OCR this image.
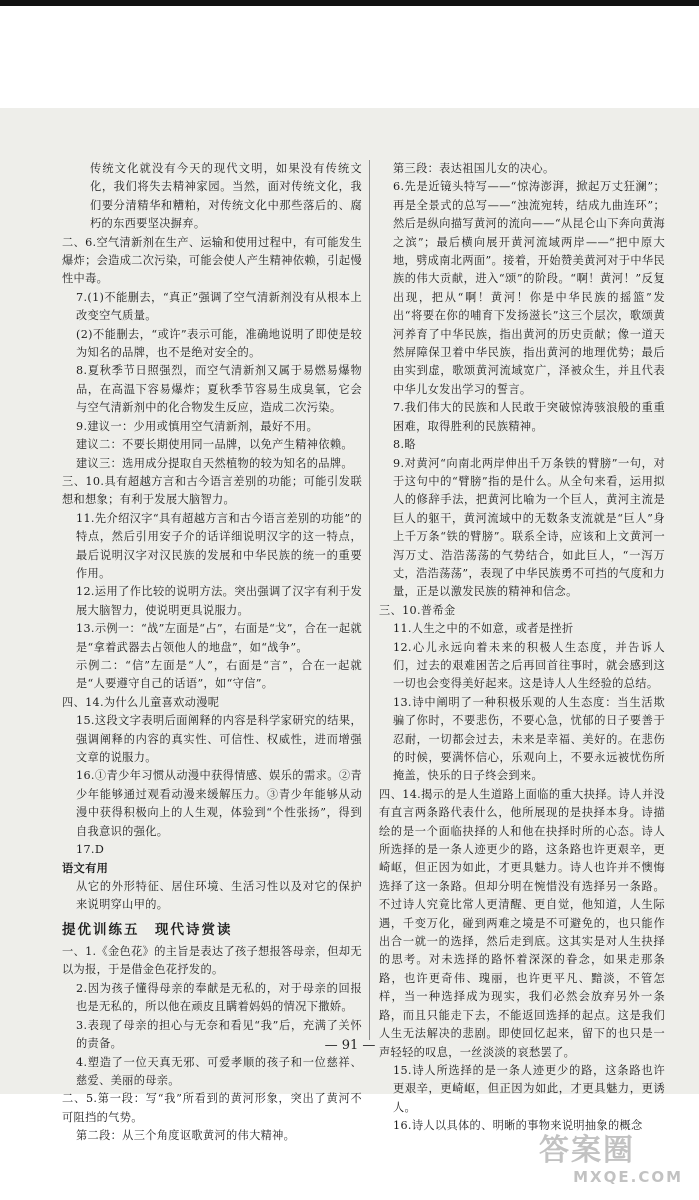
传统文化就没有今天的现代文明，如果没有传统文化，我们将失去精神家园。当然，面对传统文化，我们要分清精华和糟粕，对传统文化中那些落后的、腐朽的东西要坚决摒弃。

二、6.空气清新剂在生产、运输和使用过程中，有可能发生爆炸；会造成二次污染，可能会使人产生精神依赖，引起慢性中毒。

7.(1)不能删去，“真正”强调了空气清新剂没有从根本上改变空气质量。

(2)不能删去，“或许”表示可能，准确地说明了即使是较为知名的品牌，也不是绝对安全的。

8.夏秋季节日照强烈，而空气清新剂又属于易燃易爆物品，在高温下容易爆炸；夏秋季节容易生成臭氧，它会与空气清新剂中的化合物发生反应，造成二次污染。

9.建议一：少用或慎用空气清新剂，最好不用。

建议二：不要长期使用同一品牌，以免产生精神依赖。

建议三：选用成分提取自天然植物的较为知名的品牌。

三、10.具有超越方言和古今语言差别的功能；可能引发联想和想象；有利于发展大脑智力。

11.先介绍汉字“具有超越方言和古今语言差别的功能”的特点，然后引用安子介的话详细说明汉字的这一特点，最后说明汉字对汉民族的发展和中华民族的统一的重要作用。

12.运用了作比较的说明方法。突出强调了汉字有利于发展大脑智力，使说明更具说服力。

13.示例一：“战”左面是“占”，右面是“戈”，合在一起就是“拿着武器去占领他人的地盘”，如“战争”。

示例二：“信”左面是“人”，右面是“言”，合在一起就是“人要遵守自己的话语”，如“守信”。

四、14.为什么儿童喜欢动漫呢

15.这段文字表明后面阐释的内容是科学家研究的结果，强调阐释的内容的真实性、可信性、权威性，进而增强文章的说服力。

16.①青少年习惯从动漫中获得情感、娱乐的需求。②青少年能够通过观看动漫来缓解压力。③青少年能够从动漫中获得积极向上的人生观，体验到“个性张扬”，得到自我意识的强化。

17.D

语文有用

从它的外形特征、居住环境、生活习性以及对它的保护来说明穿山甲的。

提优训练五　现代诗赏读

一、1.《金色花》的主旨是表达了孩子想报答母亲，但却无以为报，于是借金色花抒发的。

2.因为孩子懂得母亲的奉献是无私的，对于母亲的回报也是无私的，所以他在顽皮且瞒着妈妈的情况下撒娇。

3.表现了母亲的担心与无奈和看见“我”后，充满了关怀的责备。

4.塑造了一位天真无邪、可爱孝顺的孩子和一位慈祥、慈爱、美丽的母亲。

二、5.第一段：写“我”所看到的黄河形象，突出了黄河不可阻挡的气势。

第二段：从三个角度讴歌黄河的伟大精神。

第三段：表达祖国儿女的决心。

6.先是近镜头特写——“惊涛澎湃，掀起万丈狂澜”；再是全景式的总写——“浊流宛转，结成九曲连环”；然后是纵向描写黄河的流向——“从昆仑山下奔向黄海之滨”；最后横向展开黄河流域两岸——“把中原大地，劈成南北两面”。接着，开始赞美黄河对于中华民族的伟大贡献，进入“颂”的阶段。“啊！黄河！”反复出现，把从“啊！黄河！你是中华民族的摇篮”发出“将要在你的哺育下发扬滋长”这三个层次，歌颂黄河养育了中华民族，指出黄河的历史贡献；像一道天然屏障保卫着中华民族，指出黄河的地理优势；最后由实到虚，歌颂黄河流域宽广，泽被众生，并且代表中华儿女发出学习的誓言。

7.我们伟大的民族和人民敢于突破惊涛骇浪般的重重困难，取得胜利的民族精神。

8.略

9.对黄河“向南北两岸伸出千万条铁的臂膀”一句，对于这句中的“臂膀”指的是什么。从全句来看，运用拟人的修辞手法，把黄河比喻为一个巨人，黄河主流是巨人的躯干，黄河流域中的无数条支流就是“巨人”身上千万条“铁的臂膀”。联系全诗，应该和上文黄河一泻万丈、浩浩荡荡的气势结合，如此巨人，“一泻万丈，浩浩荡荡”，表现了中华民族勇不可挡的气度和力量，正是以激发民族的精神和信念。

三、10.普希金

11.人生之中的不如意，或者是挫折

12.心儿永远向着未来的积极人生态度，并告诉人们，过去的艰难困苦之后再回首往事时，就会感到这一切也会变得美好起来。这是诗人人生经验的总结。

13.诗中阐明了一种积极乐观的人生态度：当生活欺骗了你时，不要悲伤，不要心急，忧郁的日子要善于忍耐，一切都会过去，未来是幸福、美好的。在悲伤的时候，要满怀信心，乐观向上，不要永远被忧伤所掩盖，快乐的日子终会到来。

四、14.揭示的是人生道路上面临的重大抉择。诗人并没有直言两条路代表什么，他所展现的是抉择本身。诗描绘的是一个面临抉择的人和他在抉择时所的心态。诗人所选择的是一条人迹更少的路，这条路也许更艰辛，更崎岖，但正因为如此，才更具魅力。诗人也许并不懊悔选择了这一条路。但却分明在惋惜没有选择另一条路。不过诗人究竟比常人更清醒、更自觉，他知道，人生际遇，千变万化，碰到两难之境是不可避免的，也只能作出合一就一的选择，然后走到底。这其实是对人生抉择的思考。对未选择的路怀着深深的眷念，如果走那条路，也许更奇伟、瑰丽，也许更平凡、黯淡，不管怎样，当一种选择成为现实，我们必然会放弃另外一条路，而且只能走下去，不能返回选择的起点。这是我们人生无法解决的悲剧。即使回忆起来，留下的也只是一声轻轻的叹息，一丝淡淡的哀愁罢了。

15.诗人所选择的是一条人迹更少的路，这条路也许更艰辛，更崎岖，但正因为如此，才更具魅力，更诱人。

16.诗人以具体的、明晰的事物来说明抽象的概念

— 91 —
答案圈
MXQE.COM
